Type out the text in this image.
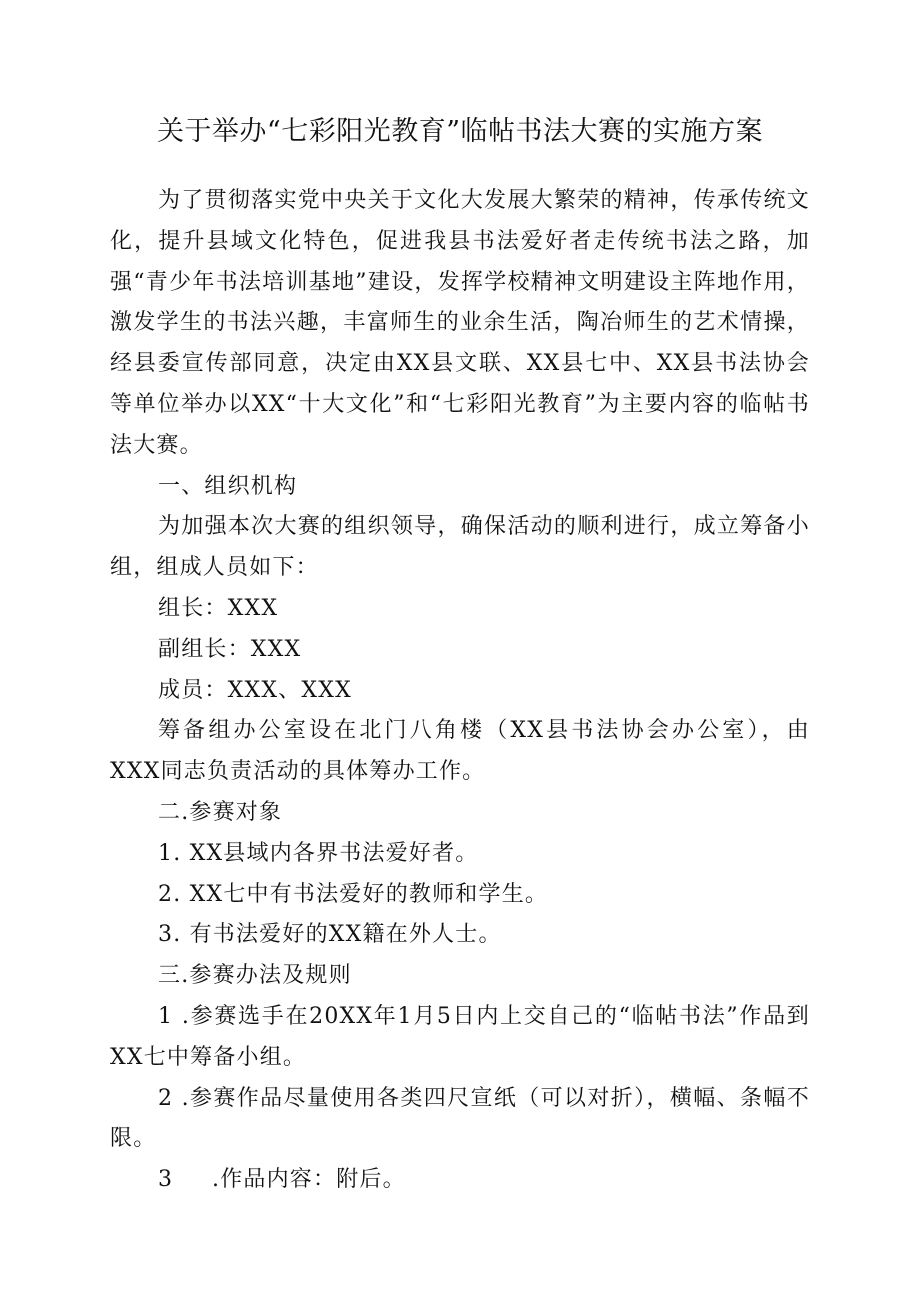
关于举办“七彩阳光教育”临帖书法大赛的实施方案

为了贯彻落实党中央关于文化大发展大繁荣的精神，传承传统文化，提升县域文化特色，促进我县书法爱好者走传统书法之路，加强“青少年书法培训基地”建设，发挥学校精神文明建设主阵地作用，激发学生的书法兴趣，丰富师生的业余生活，陶冶师生的艺术情操，经县委宣传部同意，决定由XX县文联、XX县七中、XX县书法协会等单位举办以XX“十大文化”和“七彩阳光教育”为主要内容的临帖书法大赛。

一、组织机构

为加强本次大赛的组织领导，确保活动的顺利进行，成立筹备小组，组成人员如下：

组长：XXX

副组长：XXX

成员：XXX、XXX

筹备组办公室设在北门八角楼（XX县书法协会办公室），由XXX同志负责活动的具体筹办工作。

二.参赛对象

1. XX县域内各界书法爱好者。

2. XX七中有书法爱好的教师和学生。

3. 有书法爱好的XX籍在外人士。

三.参赛办法及规则

1 .参赛选手在20XX年1月5日内上交自己的“临帖书法”作品到XX七中筹备小组。

2 .参赛作品尽量使用各类四尺宣纸（可以对折），横幅、条幅不限。

3 .作品内容：附后。
